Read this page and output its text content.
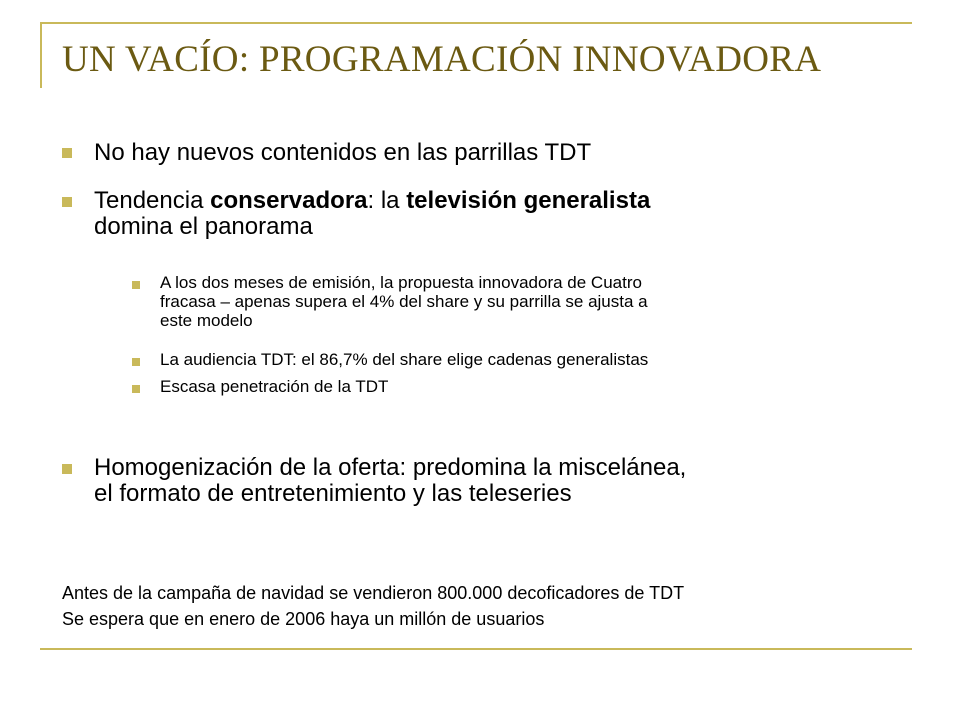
UN VACÍO: PROGRAMACIÓN INNOVADORA
No hay nuevos contenidos en las parrillas TDT
Tendencia conservadora: la televisión generalista
domina el panorama
A los dos meses de emisión, la propuesta innovadora de Cuatro
fracasa – apenas supera el 4% del share y su parrilla se ajusta a
este modelo
La audiencia TDT: el 86,7% del share elige cadenas generalistas
Escasa penetración de la TDT
Homogenización de la oferta: predomina la miscelánea,
el formato de entretenimiento y las teleseries
Antes de la campaña de navidad se vendieron 800.000 decoficadores de TDT
Se espera que en enero de 2006 haya un millón de usuarios
